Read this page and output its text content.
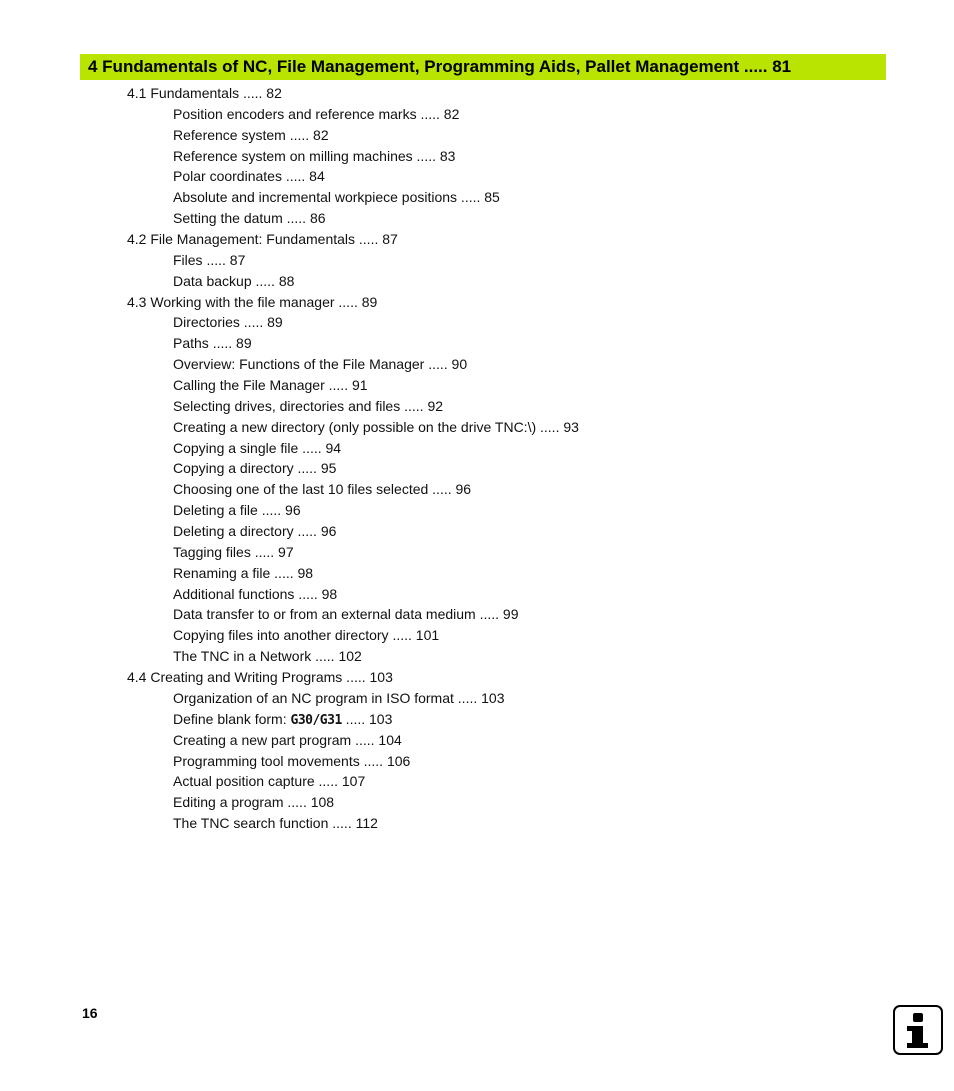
4 Fundamentals of NC, File Management, Programming Aids, Pallet Management ..... 81
4.1 Fundamentals ..... 82
Position encoders and reference marks ..... 82
Reference system ..... 82
Reference system on milling machines ..... 83
Polar coordinates ..... 84
Absolute and incremental workpiece positions ..... 85
Setting the datum ..... 86
4.2 File Management: Fundamentals ..... 87
Files ..... 87
Data backup ..... 88
4.3 Working with the file manager ..... 89
Directories ..... 89
Paths ..... 89
Overview: Functions of the File Manager ..... 90
Calling the File Manager ..... 91
Selecting drives, directories and files ..... 92
Creating a new directory (only possible on the drive TNC:\) ..... 93
Copying a single file ..... 94
Copying a directory ..... 95
Choosing one of the last 10 files selected ..... 96
Deleting a file ..... 96
Deleting a directory ..... 96
Tagging files ..... 97
Renaming a file ..... 98
Additional functions ..... 98
Data transfer to or from an external data medium ..... 99
Copying files into another directory ..... 101
The TNC in a Network ..... 102
4.4 Creating and Writing Programs ..... 103
Organization of an NC program in ISO format ..... 103
Define blank form: G30/G31 ..... 103
Creating a new part program ..... 104
Programming tool movements ..... 106
Actual position capture ..... 107
Editing a program ..... 108
The TNC search function ..... 112
16
